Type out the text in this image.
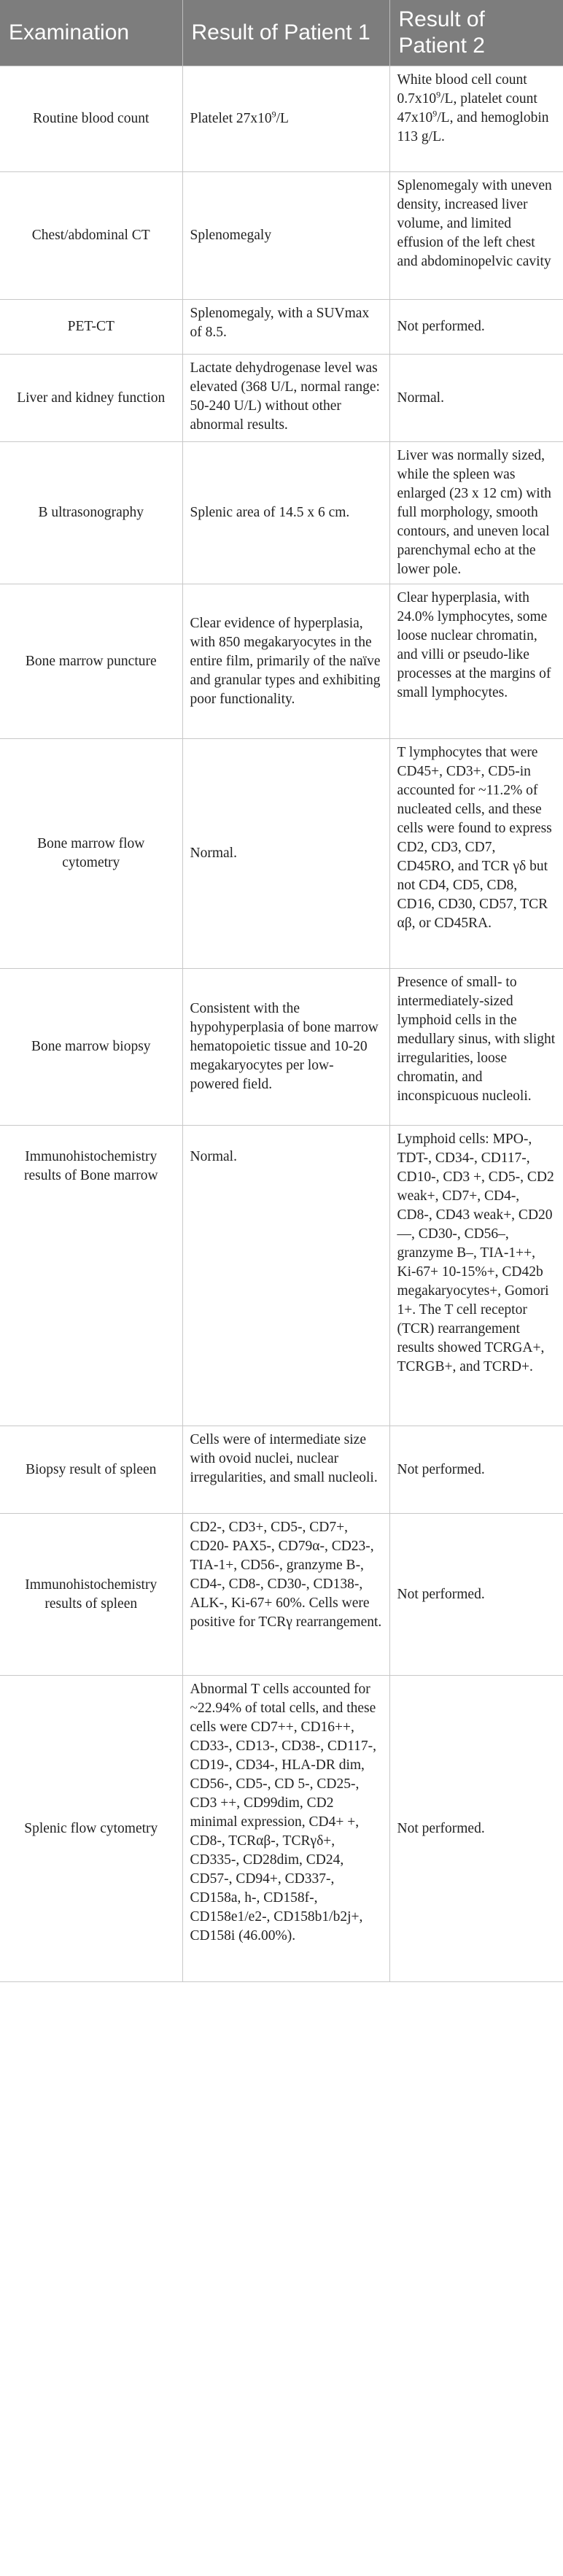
Examination	Result of Patient 1	Result of Patient 2
Routine blood count	Platelet $27x10^9/L$	White blood cell count $0.7x10^9/L$, platelet count $47x10^9/L$, and hemoglobin 113 g/L.
Chest/abdominal CT	Splenomegaly	Splenomegaly with uneven density, increased liver volume, and limited effusion of the left chest and abdominopelvic cavity
PET-CT	Splenomegaly, with a SUVmax of 8.5.	Not performed.
Liver and kidney function	Lactate dehydrogenase level was elevated (368 U/L, normal range: 50-240 U/L) without other abnormal results.	Normal.
B ultrasonography	Splenic area of 14.5 x 6 cm.	Liver was normally sized, while the spleen was enlarged (23 x 12 cm) with full morphology, smooth contours, and uneven local parenchymal echo at the lower pole.
Bone marrow puncture	Clear evidence of hyperplasia, with 850 megakaryocytes in the entire film, primarily of the naïve and granular types and exhibiting poor functionality.	Clear hyperplasia, with 24.0% lymphocytes, some loose nuclear chromatin, and villi or pseudo-like processes at the margins of small lymphocytes.
Bone marrow flow cytometry	Normal.	T lymphocytes that were CD45+, CD3+, CD5-in accounted for ~11.2% of nucleated cells, and these cells were found to express CD2, CD3, CD7, CD45RO, and TCR γδ but not CD4, CD5, CD8, CD16, CD30, CD57, TCR αβ, or CD45RA.
Bone marrow biopsy	Consistent with the hypohyperplasia of bone marrow hematopoietic tissue and 10-20 megakaryocytes per low-powered field.	Presence of small- to intermediately-sized lymphoid cells in the medullary sinus, with slight irregularities, loose chromatin, and inconspicuous nucleoli.
Immunohistochemistry results of Bone marrow	Normal.	Lymphoid cells: MPO-, TDT-, CD34-, CD117-, CD10-, CD3 +, CD5-, CD2 weak+, CD7+, CD4-, CD8-, CD43 weak+, CD20—, CD30-, CD56–, granzyme B–, TIA-1++, Ki-67+ 10-15%+, CD42b megakaryocytes+, Gomori 1+. The T cell receptor (TCR) rearrangement results showed TCRGA+, TCRGB+, and TCRD+.
Biopsy result of spleen	Cells were of intermediate size with ovoid nuclei, nuclear irregularities, and small nucleoli.	Not performed.
Immunohistochemistry results of spleen	CD2-, CD3+, CD5-, CD7+, CD20- PAX5-, CD79α-, CD23-, TIA-1+, CD56-, granzyme B-, CD4-, CD8-, CD30-, CD138-, ALK-, Ki-67+ 60%. Cells were positive for TCRγ rearrangement.	Not performed.
Splenic flow cytometry	Abnormal T cells accounted for ~22.94% of total cells, and these cells were CD7++, CD16++, CD33-, CD13-, CD38-, CD117-, CD19-, CD34-, HLA-DR dim, CD56-, CD5-, CD 5-, CD25-, CD3 ++, CD99dim, CD2 minimal expression, CD4+ +, CD8-, TCRαβ-, TCRγδ+, CD335-, CD28dim, CD24, CD57-, CD94+, CD337-, CD158a, h-, CD158f-, CD158e1/e2-, CD158b1/b2j+, CD158i (46.00%).	Not performed.
